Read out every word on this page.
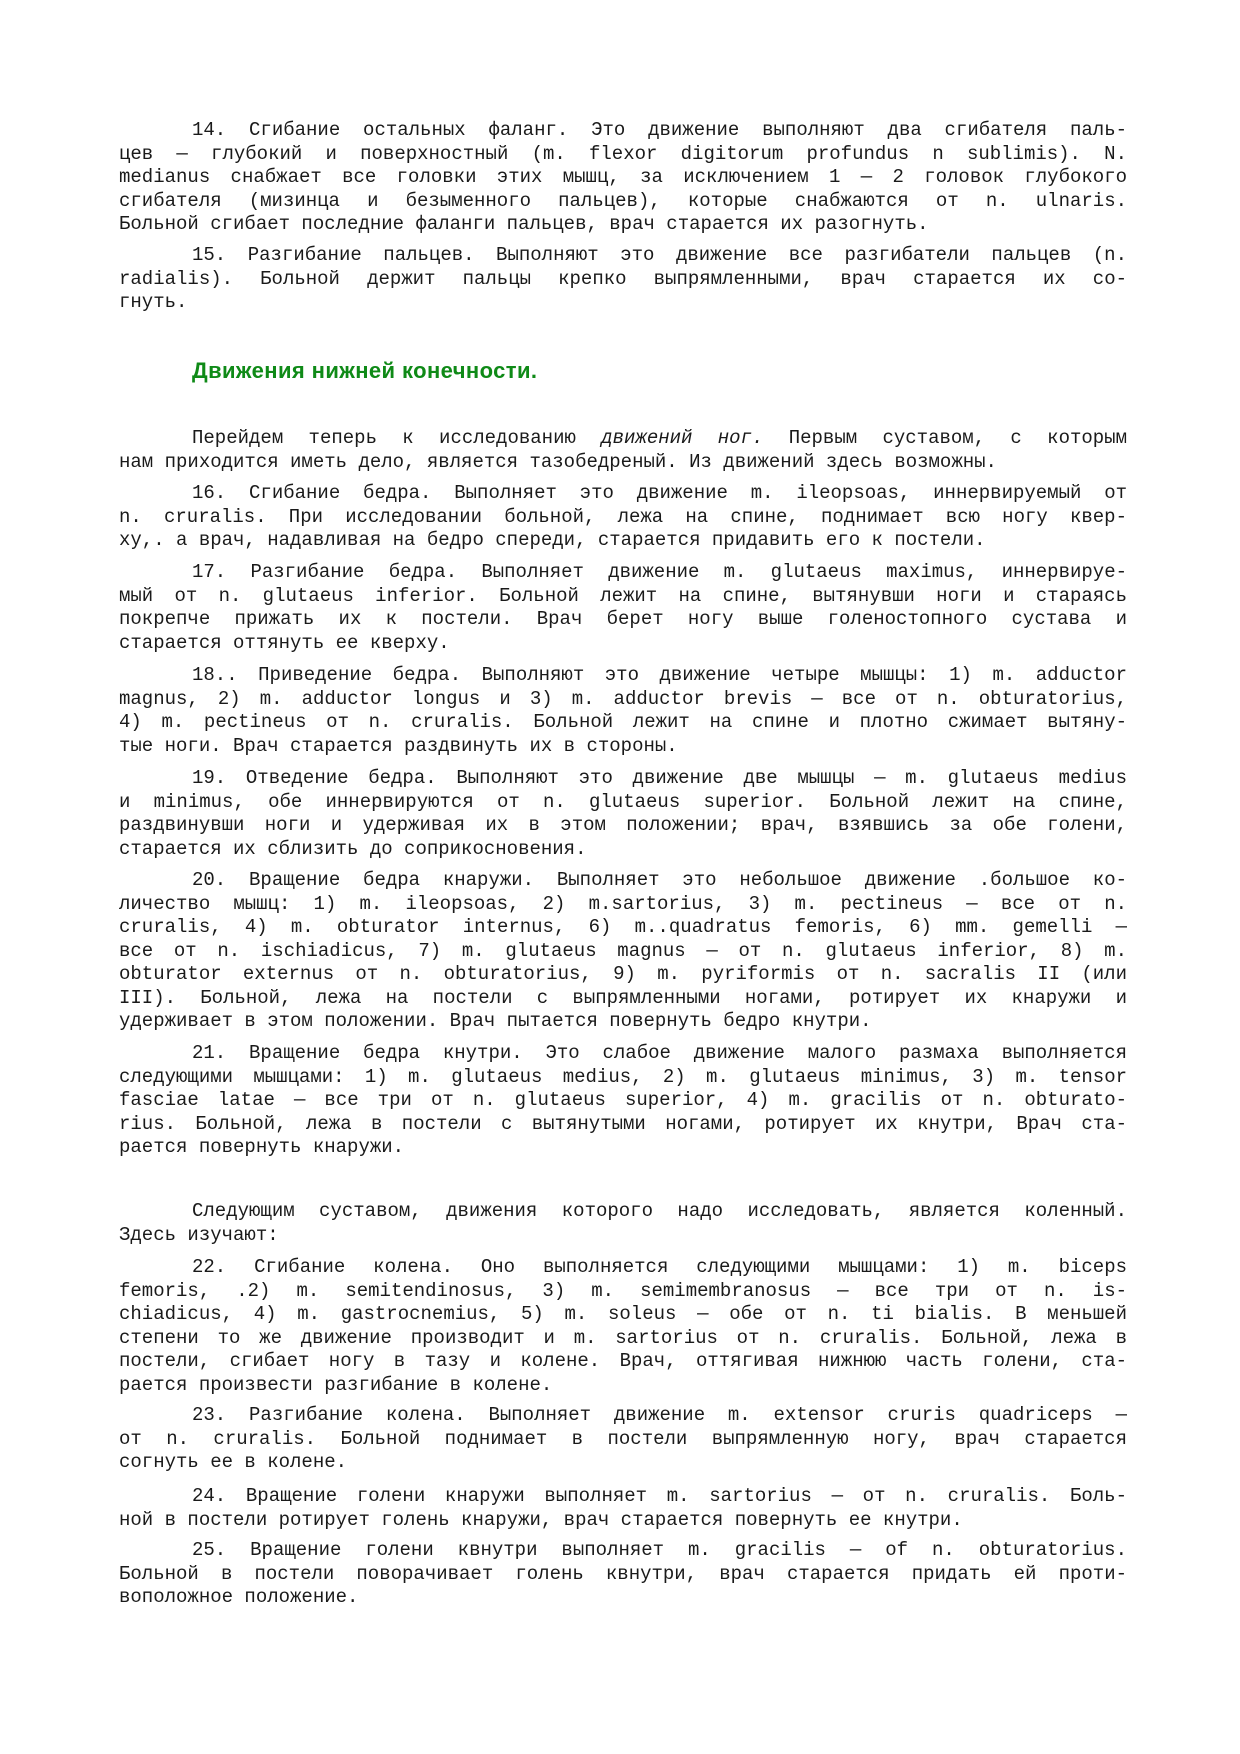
Движения нижней конечности.
Перейдем теперь к исследованию движений ног. Первым суставом, с которым
нам приходится иметь дело, является тазобедреный. Из движений здесь возможны.
14. Сгибание остальных фаланг. Это движение выполняют два сгибателя паль-
цев — глубокий и поверхностный (m. flexor digitorum profundus n sublimis). N.
medianus снабжает все головки этих мышц, за исключением 1 — 2 головок глубокого
сгибателя (мизинца и безыменного пальцев), которые снабжаются от n. ulnaris.
Больной сгибает последние фаланги пальцев, врач старается их разогнуть.
15. Разгибание пальцев. Выполняют это движение все разгибатели пальцев (n.
radialis). Больной держит пальцы крепко выпрямленными, врач старается их со-
гнуть.
16. Сгибание бедра. Выполняет это движение m. ileopsoas, иннервируемый от
n. cruralis. При исследовании больной, лежа на спине, поднимает всю ногу квер-
ху,. а врач, надавливая на бедро спереди, старается придавить его к постели.
17. Разгибание бедра. Выполняет движение m. glutaeus maximus, иннервируе-
мый от n. glutaeus inferior. Больной лежит на спине, вытянувши ноги и стараясь
покрепче прижать их к постели. Врач берет ногу выше голеностопного сустава и
старается оттянуть ее кверху.
18.. Приведение бедра. Выполняют это движение четыре мышцы: 1) m. adductor
magnus, 2) m. adductor longus и 3) m. adductor brevis — все от n. obturatorius,
4) m. pectineus от n. cruralis. Больной лежит на спине и плотно сжимает вытяну-
тые ноги. Врач старается раздвинуть их в стороны.
19. Отведение бедра. Выполняют это движение две мышцы — m. glutaeus medius
и minimus, обе иннервируются от n. glutaeus superior. Больной лежит на спине,
раздвинувши ноги и удерживая их в этом положении; врач, взявшись за обе голени,
старается их сблизить до соприкосновения.
20. Вращение бедра кнаружи. Выполняет это небольшое движение .большое ко-
личество мышц: 1) m. ileopsoas, 2) m.sartorius, 3) m. pectineus — все от n.
cruralis, 4) m. obturator internus, 6) m..quadratus femoris, 6) mm. gemelli —
все от n. ischiadicus, 7) m. glutaeus magnus — от n. glutaeus inferior, 8) m.
obturator externus от n. obturatorius, 9) m. pyriformis от n. sacralis II (или
III). Больной, лежа на постели с выпрямленными ногами, ротирует их кнаружи и
удерживает в этом положении. Врач пытается повернуть бедро кнутри.
21. Вращение бедра кнутри. Это слабое движение малого размаха выполняется
следующими мышцами: 1) m. glutaeus medius, 2) m. glutaeus minimus, 3) m. tensor
fasciae latae — все три от n. glutaeus superior, 4) m. gracilis от n. obturato-
rius. Больной, лежа в постели с вытянутыми ногами, ротирует их кнутри, Врач ста-
рается повернуть кнаружи.
Следующим суставом, движения которого надо исследовать, является коленный.
Здесь изучают:
22. Сгибание колена. Оно выполняется следующими мышцами: 1) m. biceps
femoris, .2) m. semitendinosus, 3) m. semimembranosus — все три от n. is-
chiadicus, 4) m. gastrocnemius, 5) m. soleus — обе от n. ti bialis. В меньшей
степени то же движение производит и m. sartorius от n. cruralis. Больной, лежа в
постели, сгибает ногу в тазу и колене. Врач, оттягивая нижнюю часть голени, ста-
рается произвести разгибание в колене.
23. Разгибание колена. Выполняет движение m. extensor cruris quadriceps —
от n. cruralis. Больной поднимает в постели выпрямленную ногу, врач старается
согнуть ее в колене.
24. Вращение голени кнаружи выполняет m. sartorius — от n. cruralis. Боль-
ной в постели ротирует голень кнаружи, врач старается повернуть ее кнутри.
25. Вращение голени квнутри выполняет m. gracilis — of n. obturatorius.
Больной в постели поворачивает голень квнутри, врач старается придать ей проти-
воположное положение.
